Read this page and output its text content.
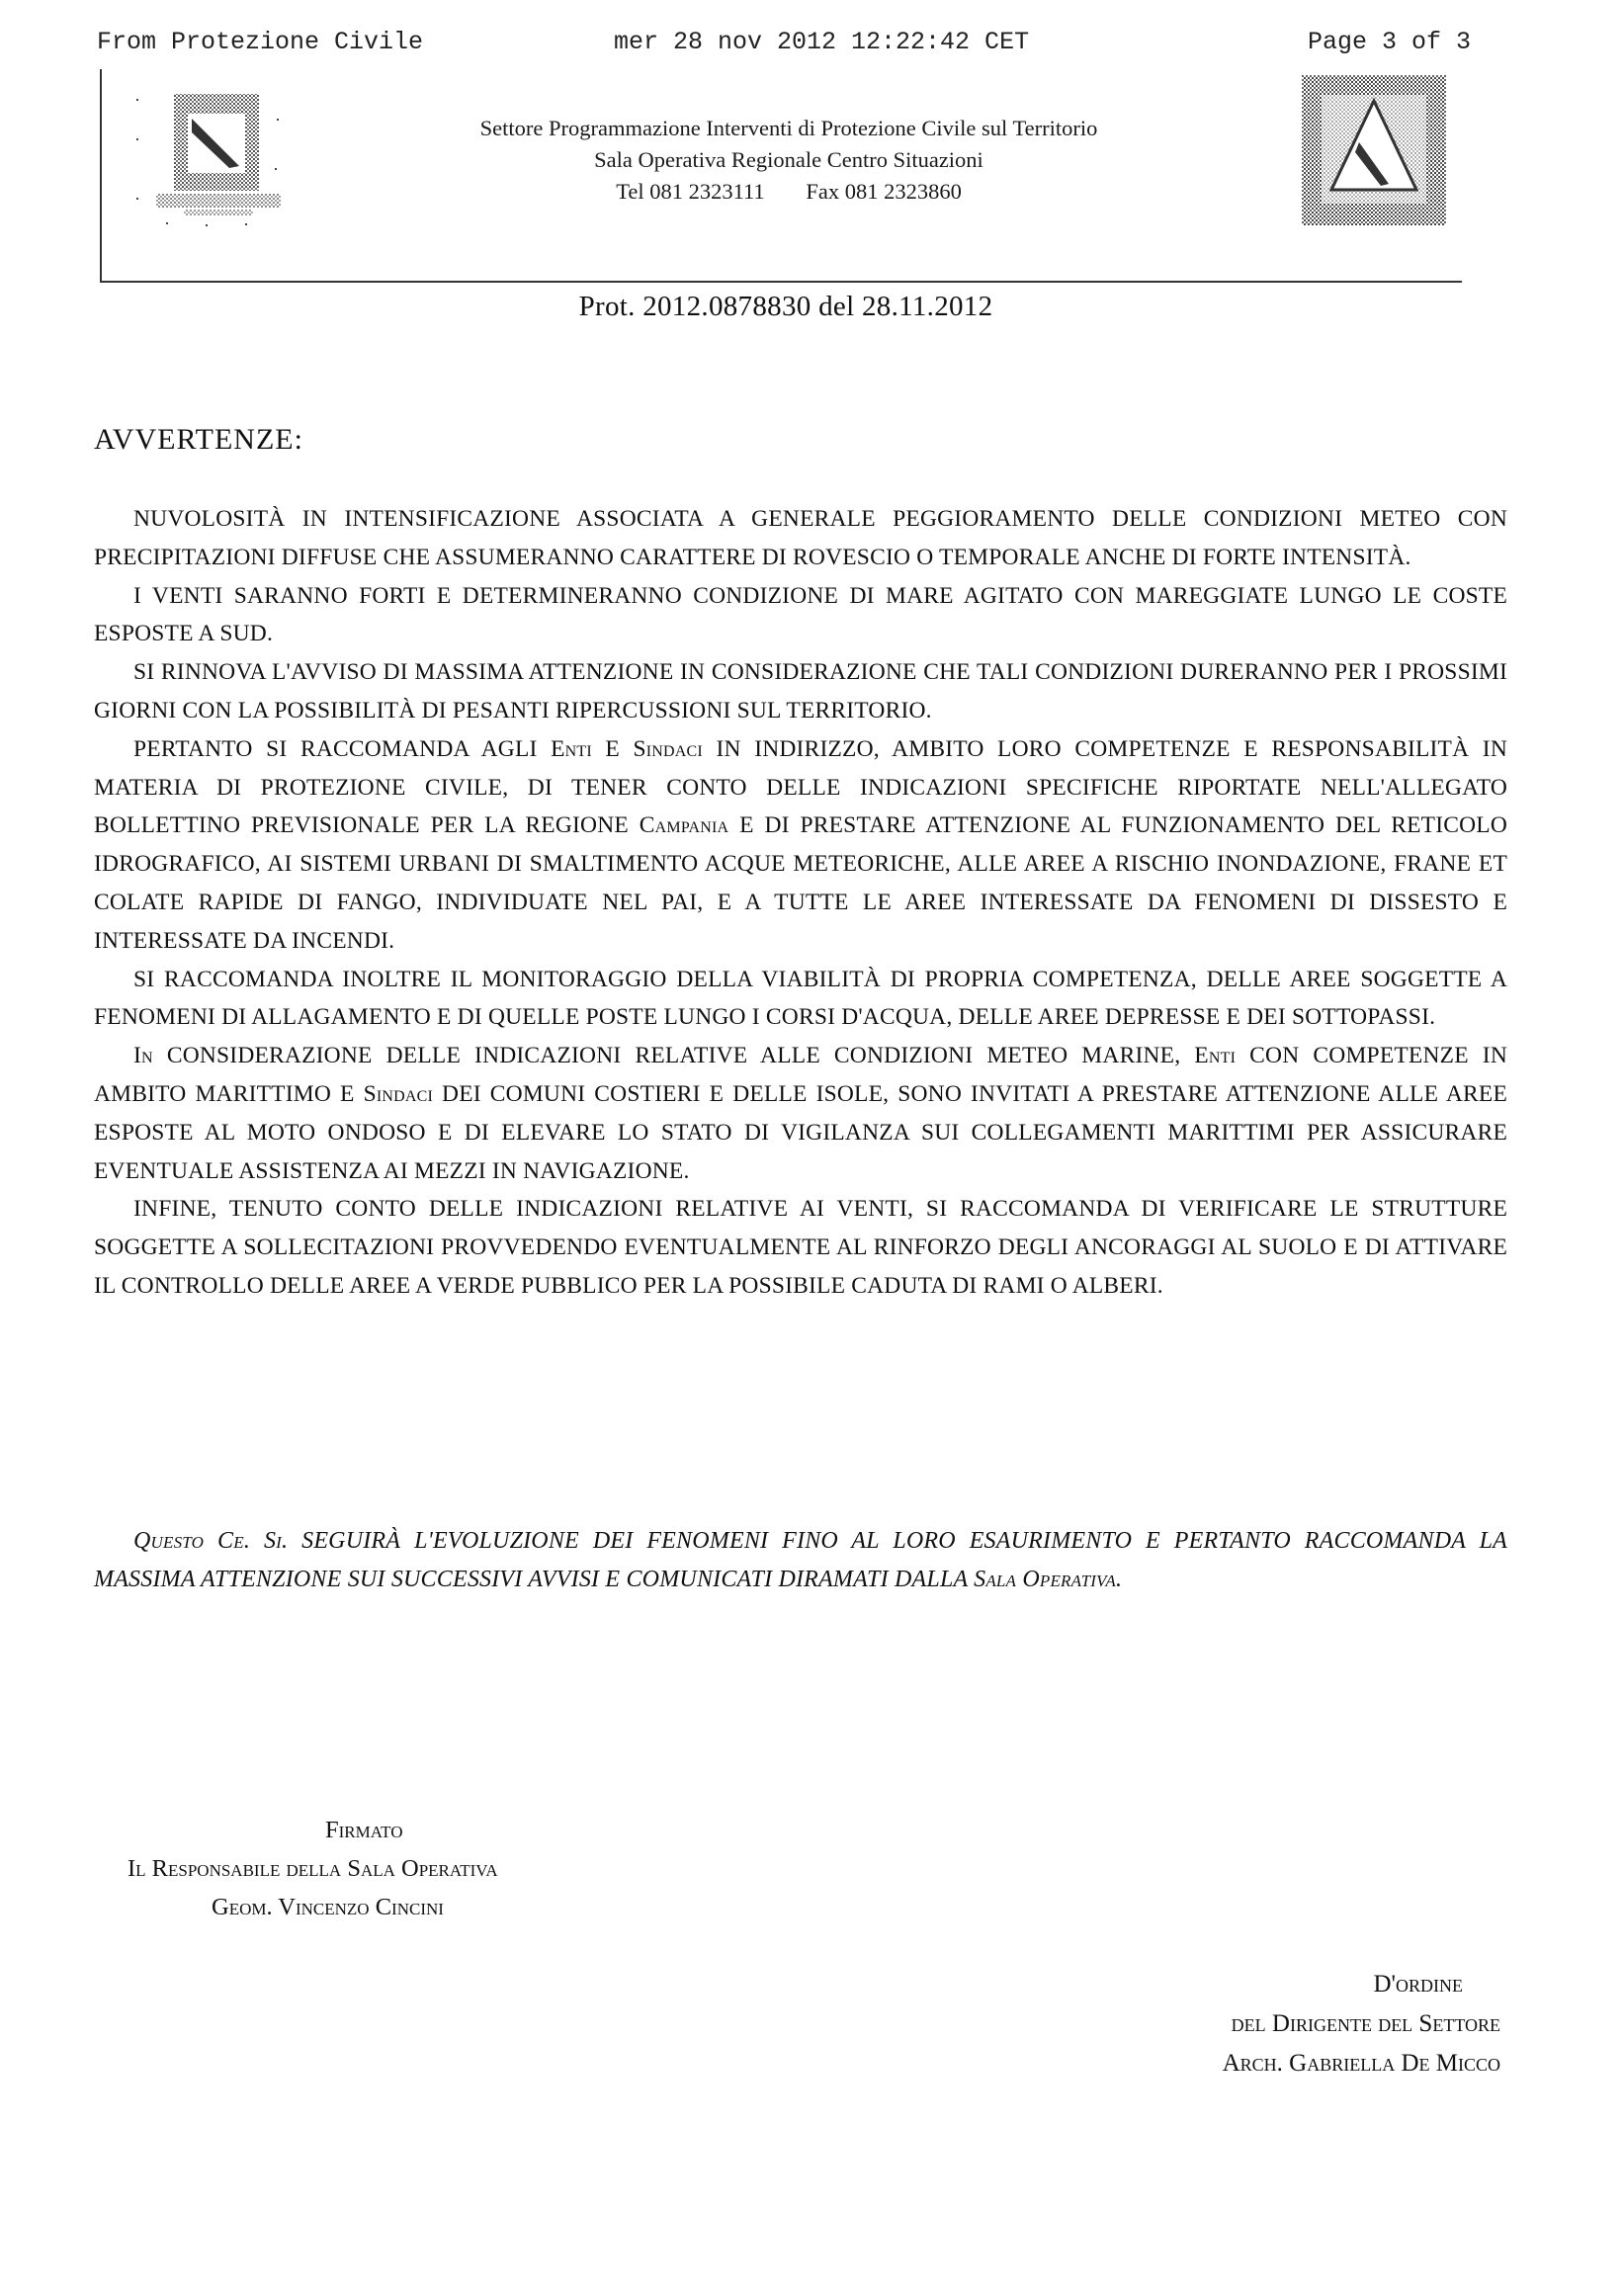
From Protezione Civile	mer 28 nov 2012 12:22:42 CET	Page 3 of 3
Settore Programmazione Interventi di Protezione Civile sul Territorio
Sala Operativa Regionale Centro Situazioni
Tel 081 2323111 Fax 081 2323860
Prot. 2012.0878830 del 28.11.2012
AVVERTENZE:

NUVOLOSITÀ IN INTENSIFICAZIONE ASSOCIATA A GENERALE PEGGIORAMENTO DELLE CONDIZIONI METEO CON PRECIPITAZIONI DIFFUSE CHE ASSUMERANNO CARATTERE DI ROVESCIO O TEMPORALE ANCHE DI FORTE INTENSITÀ.

I VENTI SARANNO FORTI E DETERMINERANNO CONDIZIONE DI MARE AGITATO CON MAREGGIATE LUNGO LE COSTE ESPOSTE A SUD.

SI RINNOVA L'AVVISO DI MASSIMA ATTENZIONE IN CONSIDERAZIONE CHE TALI CONDIZIONI DURERANNO PER I PROSSIMI GIORNI CON LA POSSIBILITÀ DI PESANTI RIPERCUSSIONI SUL TERRITORIO.

PERTANTO SI RACCOMANDA AGLI Enti E Sindaci IN INDIRIZZO, AMBITO LORO COMPETENZE E RESPONSABILITÀ IN MATERIA DI PROTEZIONE CIVILE, DI TENER CONTO DELLE INDICAZIONI SPECIFICHE RIPORTATE NELL'ALLEGATO BOLLETTINO PREVISIONALE PER LA REGIONE Campania E DI PRESTARE ATTENZIONE AL FUNZIONAMENTO DEL RETICOLO IDROGRAFICO, AI SISTEMI URBANI DI SMALTIMENTO ACQUE METEORICHE, ALLE AREE A RISCHIO INONDAZIONE, FRANE ET COLATE RAPIDE DI FANGO, INDIVIDUATE NEL PAI, E A TUTTE LE AREE INTERESSATE DA FENOMENI DI DISSESTO E INTERESSATE DA INCENDI.

SI RACCOMANDA INOLTRE IL MONITORAGGIO DELLA VIABILITÀ DI PROPRIA COMPETENZA, DELLE AREE SOGGETTE A FENOMENI DI ALLAGAMENTO E DI QUELLE POSTE LUNGO I CORSI D'ACQUA, DELLE AREE DEPRESSE E DEI SOTTOPASSI.

In CONSIDERAZIONE DELLE INDICAZIONI RELATIVE ALLE CONDIZIONI METEO MARINE, Enti CON COMPETENZE IN AMBITO MARITTIMO E Sindaci DEI COMUNI COSTIERI E DELLE ISOLE, SONO INVITATI A PRESTARE ATTENZIONE ALLE AREE ESPOSTE AL MOTO ONDOSO E DI ELEVARE LO STATO DI VIGILANZA SUI COLLEGAMENTI MARITTIMI PER ASSICURARE EVENTUALE ASSISTENZA AI MEZZI IN NAVIGAZIONE.

INFINE, TENUTO CONTO DELLE INDICAZIONI RELATIVE AI VENTI, SI RACCOMANDA DI VERIFICARE LE STRUTTURE SOGGETTE A SOLLECITAZIONI PROVVEDENDO EVENTUALMENTE AL RINFORZO DEGLI ANCORAGGI AL SUOLO E DI ATTIVARE IL CONTROLLO DELLE AREE A VERDE PUBBLICO PER LA POSSIBILE CADUTA DI RAMI O ALBERI.

Questo Ce. Si. SEGUIRÀ L'EVOLUZIONE DEI FENOMENI FINO AL LORO ESAURIMENTO E PERTANTO RACCOMANDA LA MASSIMA ATTENZIONE SUI SUCCESSIVI AVVISI E COMUNICATI DIRAMATI DALLA Sala Operativa.

Firmato
Il Responsabile della Sala Operativa
Geom. Vincenzo Cincini
D'ordine
del Dirigente del Settore
Arch. Gabriella De Micco
